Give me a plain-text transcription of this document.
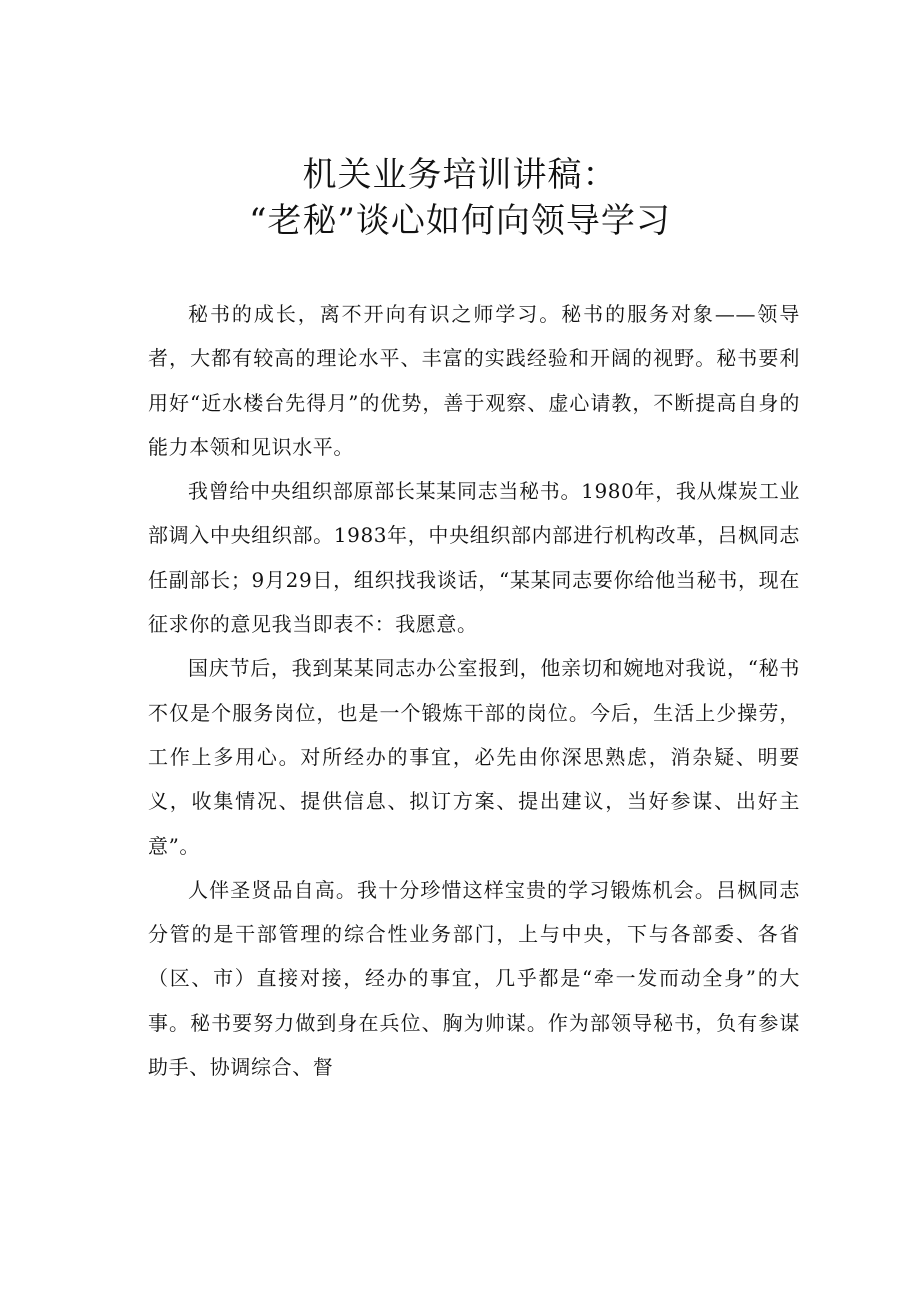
机关业务培训讲稿：
“老秘”谈心如何向领导学习

秘书的成长，离不开向有识之师学习。秘书的服务对象——领导者，大都有较高的理论水平、丰富的实践经验和开阔的视野。秘书要利用好“近水楼台先得月”的优势，善于观察、虚心请教，不断提高自身的能力本领和见识水平。

我曾给中央组织部原部长某某同志当秘书。1980年，我从煤炭工业部调入中央组织部。1983年，中央组织部内部进行机构改革，吕枫同志任副部长；9月29日，组织找我谈话，“某某同志要你给他当秘书，现在征求你的意见我当即表不：我愿意。

国庆节后，我到某某同志办公室报到，他亲切和婉地对我说，“秘书不仅是个服务岗位，也是一个锻炼干部的岗位。今后，生活上少操劳，工作上多用心。对所经办的事宜，必先由你深思熟虑，消杂疑、明要义，收集情况、提供信息、拟订方案、提出建议，当好参谋、出好主意”。

人伴圣贤品自高。我十分珍惜这样宝贵的学习锻炼机会。吕枫同志分管的是干部管理的综合性业务部门，上与中央，下与各部委、各省（区、市）直接对接，经办的事宜，几乎都是“牵一发而动全身”的大事。秘书要努力做到身在兵位、胸为帅谋。作为部领导秘书，负有参谋助手、协调综合、督
